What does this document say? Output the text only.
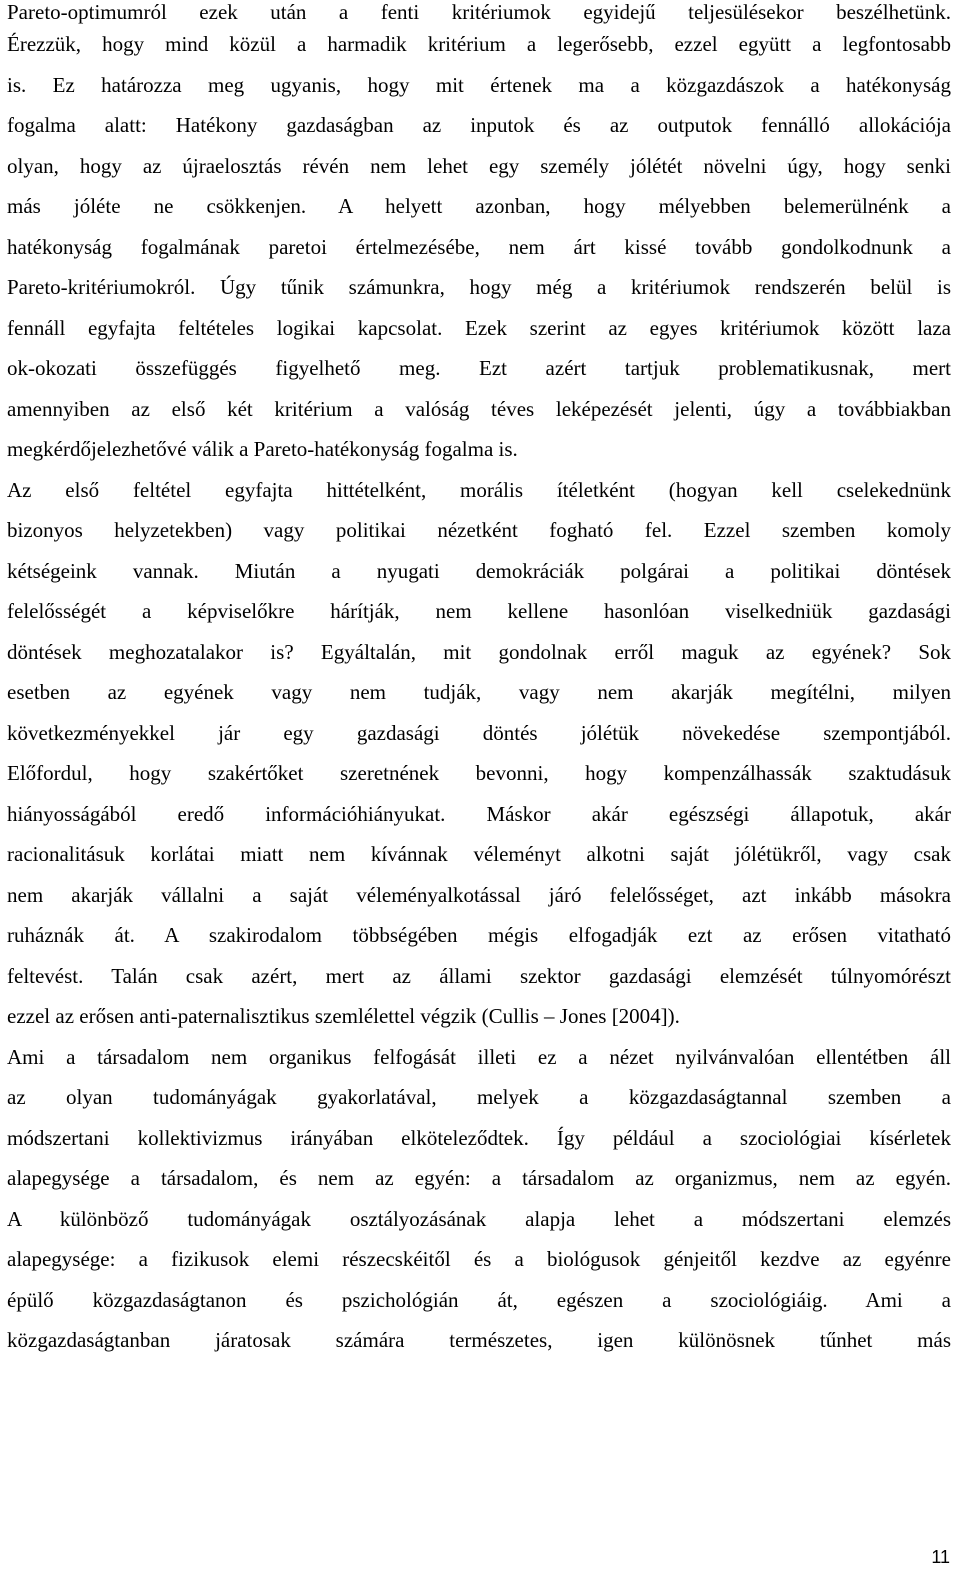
Pareto-optimumról ezek után a fenti kritériumok egyidejű teljesülésekor beszélhetünk.
Érezzük, hogy mind közül a harmadik kritérium a legerősebb, ezzel együtt a legfontosabb
is. Ez határozza meg ugyanis, hogy mit értenek ma a közgazdászok a hatékonyság
fogalma alatt: Hatékony gazdaságban az inputok és az outputok fennálló allokációja
olyan, hogy az újraelosztás révén nem lehet egy személy jólétét növelni úgy, hogy senki
más jóléte ne csökkenjen. A helyett azonban, hogy mélyebben belemerülnénk a
hatékonyság fogalmának paretoi értelmezésébe, nem árt kissé tovább gondolkodnunk a
Pareto-kritériumokról. Úgy tűnik számunkra, hogy még a kritériumok rendszerén belül is
fennáll egyfajta feltételes logikai kapcsolat. Ezek szerint az egyes kritériumok között laza
ok-okozati összefüggés figyelhető meg. Ezt azért tartjuk problematikusnak, mert
amennyiben az első két kritérium a valóság téves leképezését jelenti, úgy a továbbiakban
megkérdőjelezhetővé válik a Pareto-hatékonyság fogalma is.
Az első feltétel egyfajta hittételként, morális ítéletként (hogyan kell cselekednünk
bizonyos helyzetekben) vagy politikai nézetként fogható fel. Ezzel szemben komoly
kétségeink vannak. Miután a nyugati demokráciák polgárai a politikai döntések
felelősségét a képviselőkre hárítják, nem kellene hasonlóan viselkedniük gazdasági
döntések meghozatalakor is? Egyáltalán, mit gondolnak erről maguk az egyének? Sok
esetben az egyének vagy nem tudják, vagy nem akarják megítélni, milyen
következményekkel jár egy gazdasági döntés jólétük növekedése szempontjából.
Előfordul, hogy szakértőket szeretnének bevonni, hogy kompenzálhassák szaktudásuk
hiányosságából eredő információhiányukat. Máskor akár egészségi állapotuk, akár
racionalitásuk korlátai miatt nem kívánnak véleményt alkotni saját jólétükről, vagy csak
nem akarják vállalni a saját véleményalkotással járó felelősséget, azt inkább másokra
ruháznák át. A szakirodalom többségében mégis elfogadják ezt az erősen vitatható
feltevést. Talán csak azért, mert az állami szektor gazdasági elemzését túlnyomórészt
ezzel az erősen anti-paternalisztikus szemlélettel végzik (Cullis – Jones [2004]).
Ami a társadalom nem organikus felfogását illeti ez a nézet nyilvánvalóan ellentétben áll
az olyan tudományágak gyakorlatával, melyek a közgazdaságtannal szemben a
módszertani kollektivizmus irányában elköteleződtek. Így például a szociológiai kísérletek
alapegysége a társadalom, és nem az egyén: a társadalom az organizmus, nem az egyén.
A különböző tudományágak osztályozásának alapja lehet a módszertani elemzés
alapegysége: a fizikusok elemi részecskéitől és a biológusok génjeitől kezdve az egyénre
épülő közgazdaságtanon és pszichológián át, egészen a szociológiáig. Ami a
közgazdaságtanban járatosak számára természetes, igen különösnek tűnhet más
11
